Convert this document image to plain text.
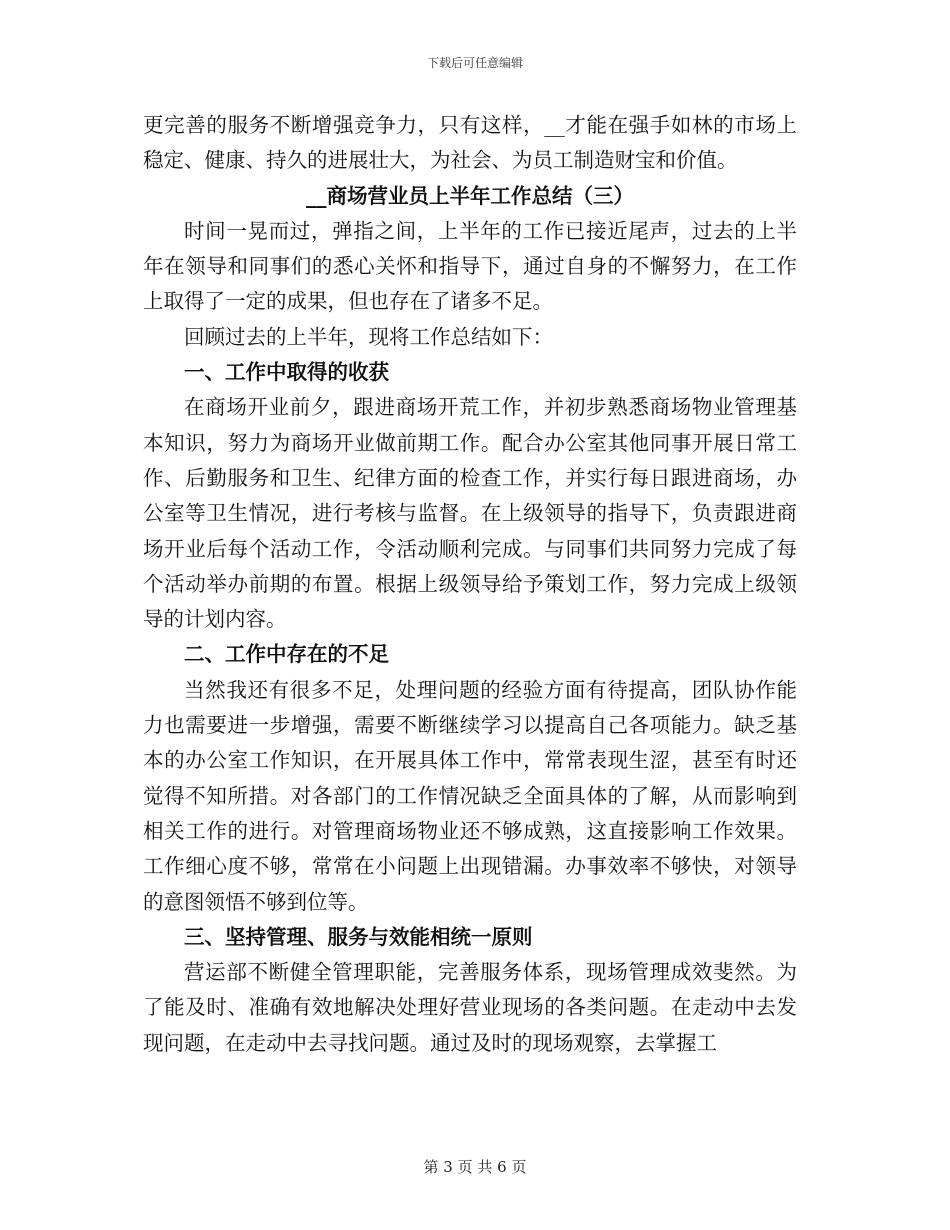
下载后可任意编辑

更完善的服务不断增强竞争力，只有这样，__才能在强手如林的市场上稳定、健康、持久的进展壮大，为社会、为员工制造财宝和价值。

__商场营业员上半年工作总结（三）

时间一晃而过，弹指之间，上半年的工作已接近尾声，过去的上半年在领导和同事们的悉心关怀和指导下，通过自身的不懈努力，在工作上取得了一定的成果，但也存在了诸多不足。

回顾过去的上半年，现将工作总结如下：

一、工作中取得的收获

在商场开业前夕，跟进商场开荒工作，并初步熟悉商场物业管理基本知识，努力为商场开业做前期工作。配合办公室其他同事开展日常工作、后勤服务和卫生、纪律方面的检查工作，并实行每日跟进商场，办公室等卫生情况，进行考核与监督。在上级领导的指导下，负责跟进商场开业后每个活动工作，令活动顺利完成。与同事们共同努力完成了每个活动举办前期的布置。根据上级领导给予策划工作，努力完成上级领导的计划内容。

二、工作中存在的不足

当然我还有很多不足，处理问题的经验方面有待提高，团队协作能力也需要进一步增强，需要不断继续学习以提高自己各项能力。缺乏基本的办公室工作知识，在开展具体工作中，常常表现生涩，甚至有时还觉得不知所措。对各部门的工作情况缺乏全面具体的了解，从而影响到相关工作的进行。对管理商场物业还不够成熟，这直接影响工作效果。工作细心度不够，常常在小问题上出现错漏。办事效率不够快，对领导的意图领悟不够到位等。

三、坚持管理、服务与效能相统一原则

营运部不断健全管理职能，完善服务体系，现场管理成效斐然。为了能及时、准确有效地解决处理好营业现场的各类问题。在走动中去发现问题，在走动中去寻找问题。通过及时的现场观察，去掌握工

第 3 页 共 6 页
